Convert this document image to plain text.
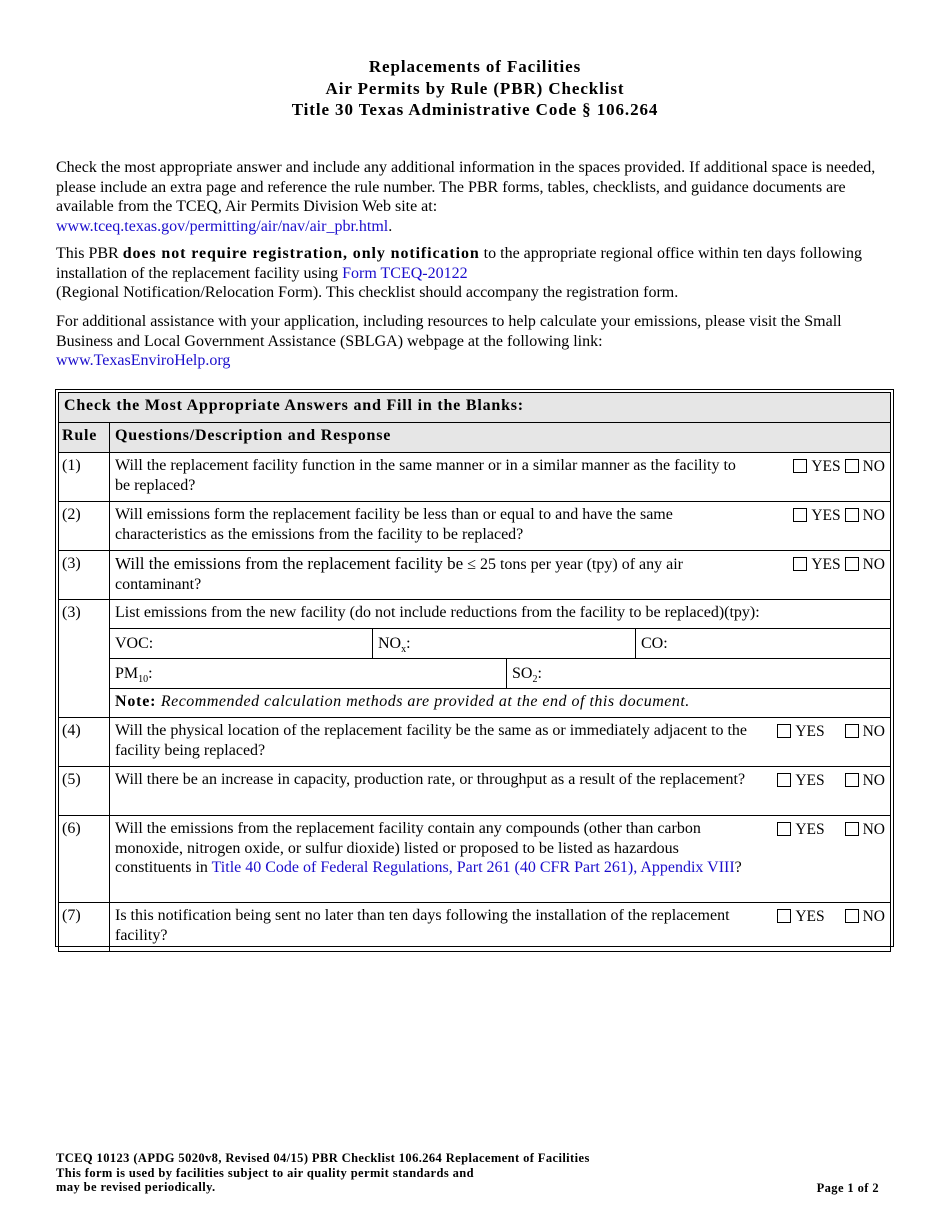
Replacements of Facilities
Air Permits by Rule (PBR) Checklist
Title 30 Texas Administrative Code § 106.264
Check the most appropriate answer and include any additional information in the spaces provided. If additional space is needed, please include an extra page and reference the rule number. The PBR forms, tables, checklists, and guidance documents are available from the TCEQ, Air Permits Division Web site at:
www.tceq.texas.gov/permitting/air/nav/air_pbr.html.
This PBR does not require registration, only notification to the appropriate regional office within ten days following installation of the replacement facility using Form TCEQ-20122
(Regional Notification/Relocation Form). This checklist should accompany the registration form.
For additional assistance with your application, including resources to help calculate your emissions, please visit the Small Business and Local Government Assistance (SBLGA) webpage at the following link:
www.TexasEnviroHelp.org
Check the Most Appropriate Answers and Fill in the Blanks:	
Rule	Questions/Description and Response
(1)	Will the replacement facility function in the same manner or in a similar manner as the facility to be replaced?
YES NO

(2)	Will emissions form the replacement facility be less than or equal to and have the same characteristics as the emissions from the facility to be replaced?
YES NO

(3)	Will the emissions from the replacement facility be ≤ 25 tons per year (tpy) of any air contaminant?
YES NO

(3)	List emissions from the new facility (do not include reductions from the facility to be replaced)(tpy):

	VOC: $NO_x$: CO:

	$PM_{10}$: $SO_2$:

	Note: Recommended calculation methods are provided at the end of this document.
(4)	Will the physical location of the replacement facility be the same as or immediately adjacent to the facility being replaced?
YES NO

(5)	Will there be an increase in capacity, production rate, or throughput as a result of the replacement? YES NO

(6)	Will the emissions from the replacement facility contain any compounds (other than carbon monoxide, nitrogen oxide, or sulfur dioxide) listed or proposed to be listed as hazardous constituents in Title 40 Code of Federal Regulations, Part 261 (40 CFR Part 261), Appendix VIII?
YES NO

(7)	Is this notification being sent no later than ten days following the installation of the replacement facility?
YES NO
TCEQ 10123 (APDG 5020v8, Revised 04/15) PBR Checklist 106.264 Replacement of Facilities
This form is used by facilities subject to air quality permit standards and
may be revised periodically.	Page 1 of 2
